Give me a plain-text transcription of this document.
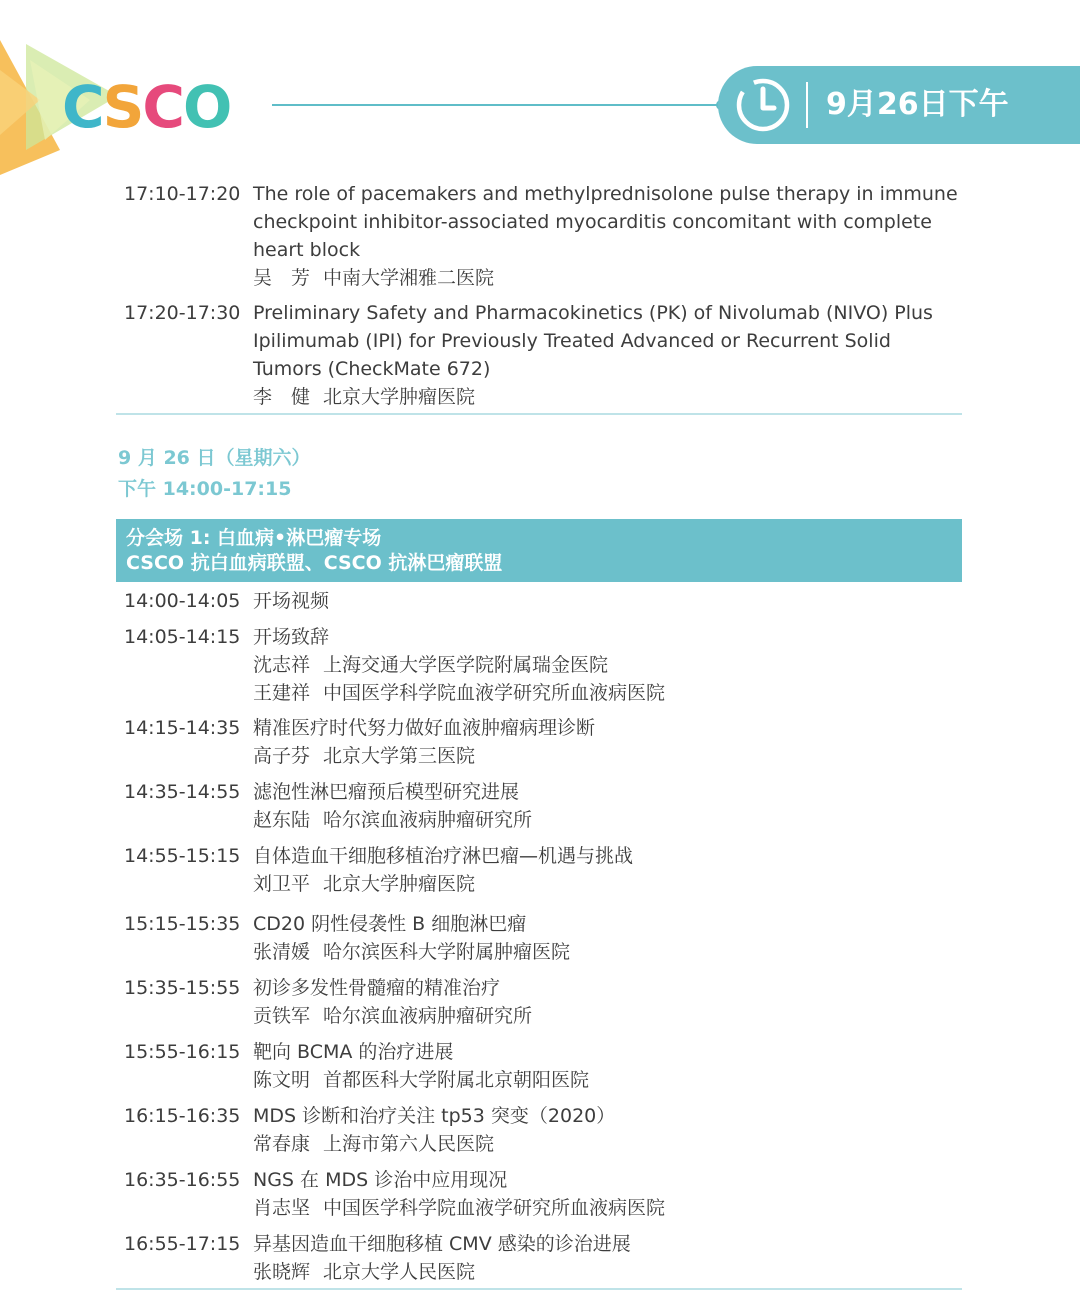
C S C O	9月26日下午
17:10-17:20 The role of pacemakers and methylprednisolone pulse therapy in immune checkpoint inhibitor-associated myocarditis concomitant with complete heart block
吴　芳 中南大学湘雅二医院
17:20-17:30 Preliminary Safety and Pharmacokinetics (PK) of Nivolumab (NIVO) Plus Ipilimumab (IPI) for Previously Treated Advanced or Recurrent Solid Tumors (CheckMate 672)
李　健 北京大学肿瘤医院
9 月 26 日（星期六）
下午 14:00-17:15
分会场 1: 白血病•淋巴瘤专场
CSCO 抗白血病联盟、CSCO 抗淋巴瘤联盟
14:00-14:05 开场视频
14:05-14:15 开场致辞
沈志祥 上海交通大学医学院附属瑞金医院
王建祥 中国医学科学院血液学研究所血液病医院
14:15-14:35 精准医疗时代努力做好血液肿瘤病理诊断
高子芬 北京大学第三医院
14:35-14:55 滤泡性淋巴瘤预后模型研究进展
赵东陆 哈尔滨血液病肿瘤研究所
14:55-15:15 自体造血干细胞移植治疗淋巴瘤—机遇与挑战
刘卫平 北京大学肿瘤医院
15:15-15:35 CD20 阴性侵袭性 B 细胞淋巴瘤
张清媛 哈尔滨医科大学附属肿瘤医院
15:35-15:55 初诊多发性骨髓瘤的精准治疗
贡铁军 哈尔滨血液病肿瘤研究所
15:55-16:15 靶向 BCMA 的治疗进展
陈文明 首都医科大学附属北京朝阳医院
16:15-16:35 MDS 诊断和治疗关注 tp53 突变（2020）
常春康 上海市第六人民医院
16:35-16:55 NGS 在 MDS 诊治中应用现况
肖志坚 中国医学科学院血液学研究所血液病医院
16:55-17:15 异基因造血干细胞移植 CMV 感染的诊治进展
张晓辉 北京大学人民医院
